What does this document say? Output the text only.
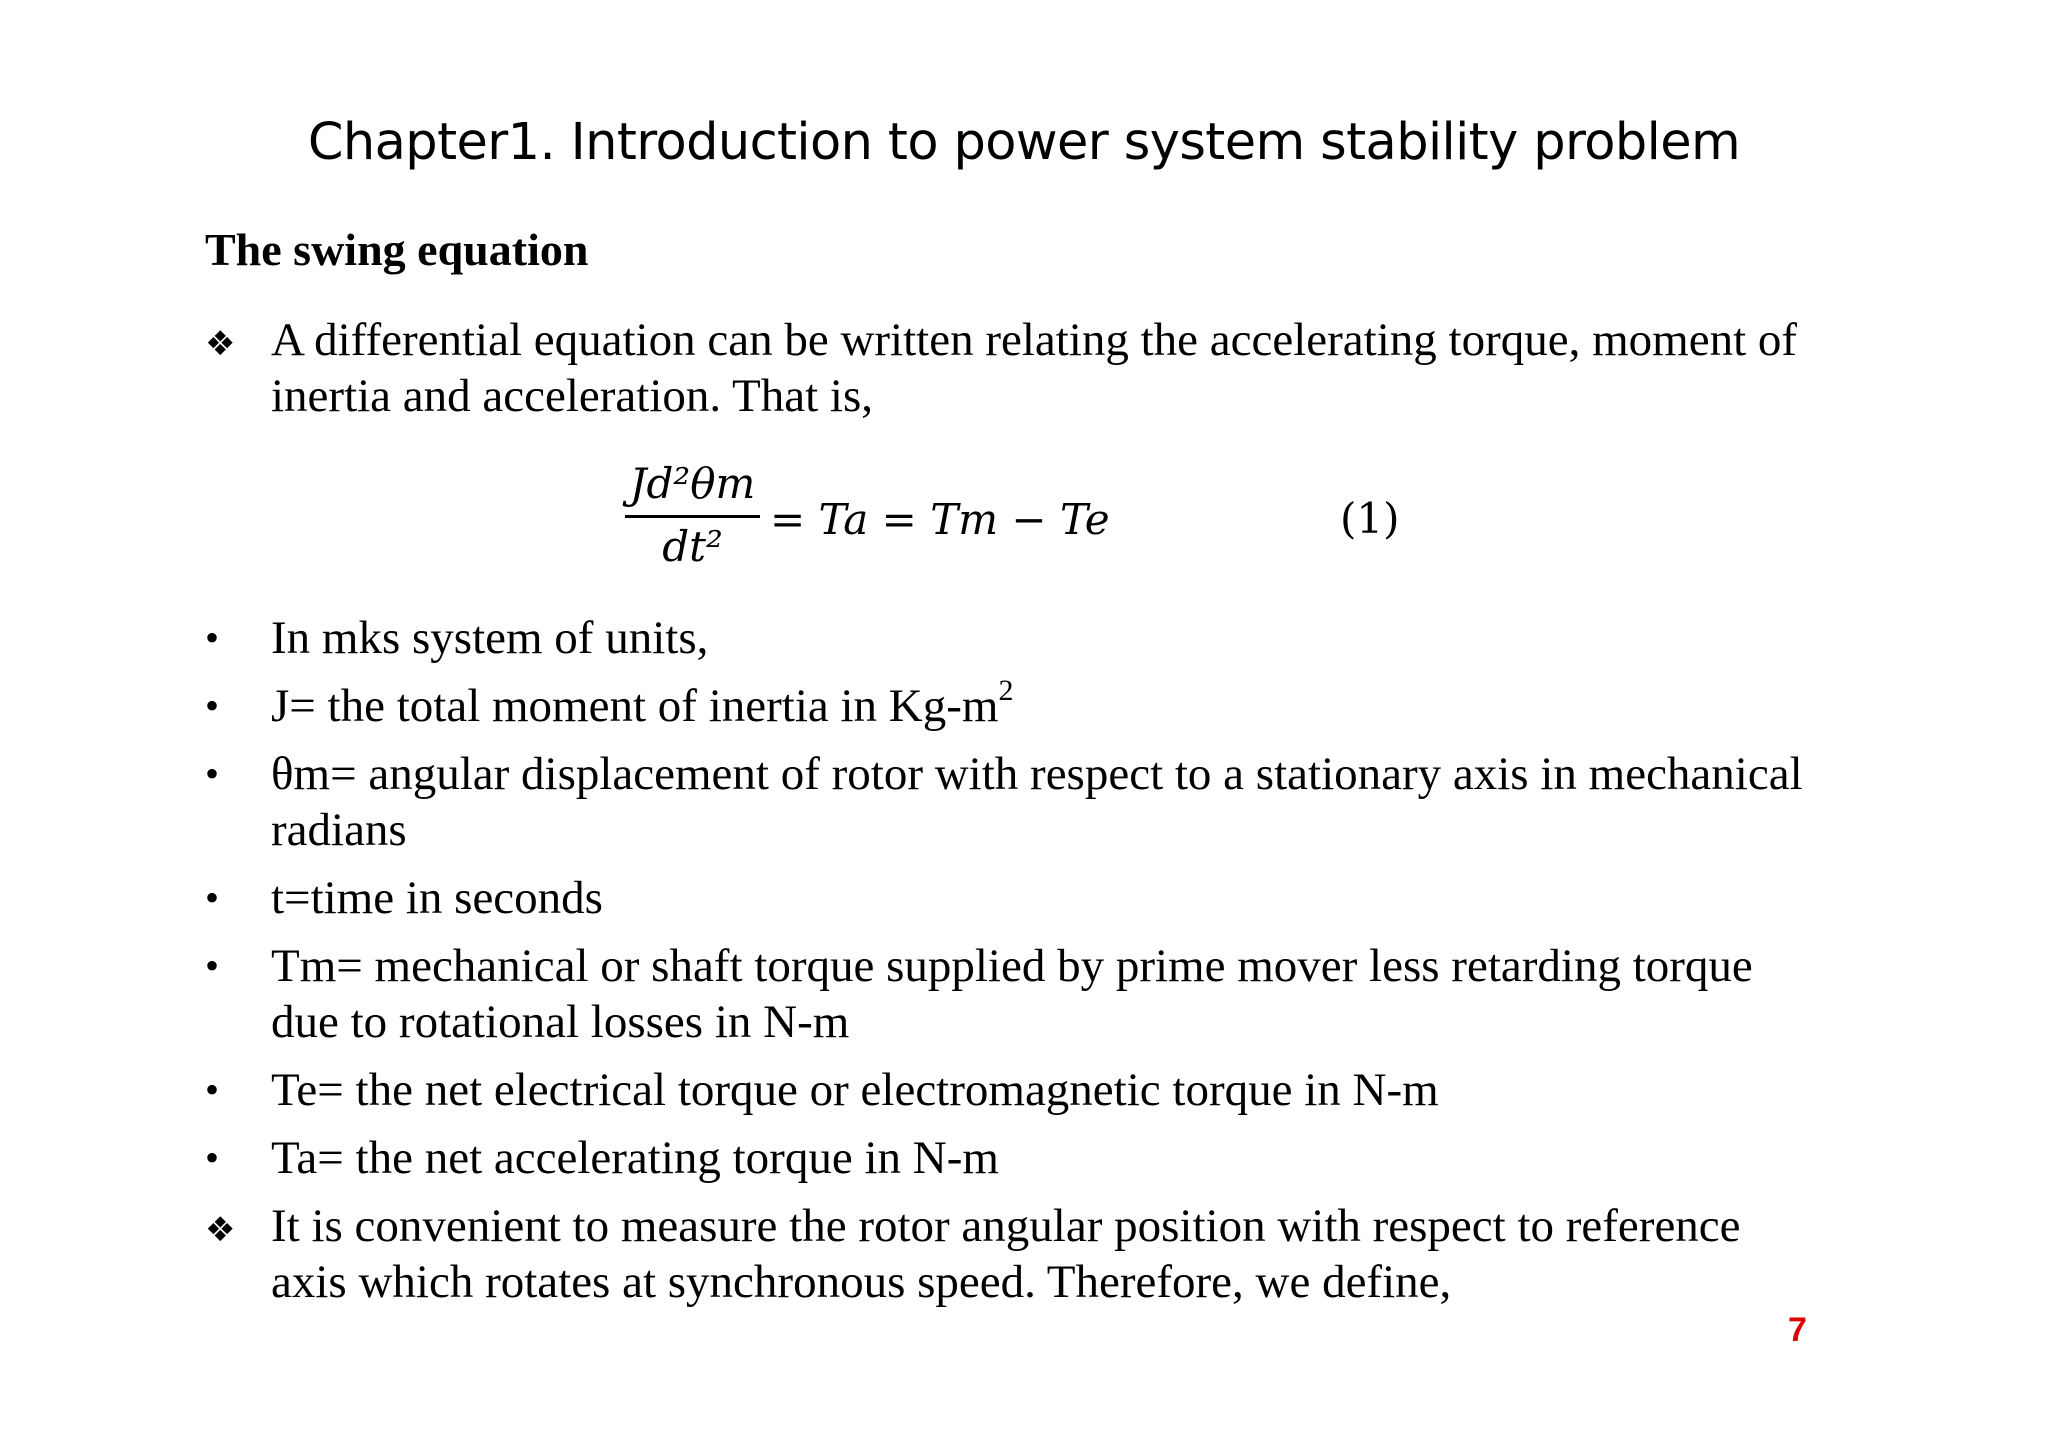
Chapter1. Introduction to power system stability problem
The swing equation
❖ A differential equation can be written relating the accelerating torque, moment of
inertia and acceleration. That is,
Jd²θm
dt²
= Ta = Tm − Te	(1)
•	In mks system of units,
•	J= the total moment of inertia in $Kg-m^2$
•	θm= angular displacement of rotor with respect to a stationary axis in mechanical
radians
•	t=time in seconds
•	Tm= mechanical or shaft torque supplied by prime mover less retarding torque
due to rotational losses in N-m
•	Te= the net electrical torque or electromagnetic torque in N-m
•	Ta= the net accelerating torque in N-m
❖ It is convenient to measure the rotor angular position with respect to reference
axis which rotates at synchronous speed. Therefore, we define,
7
